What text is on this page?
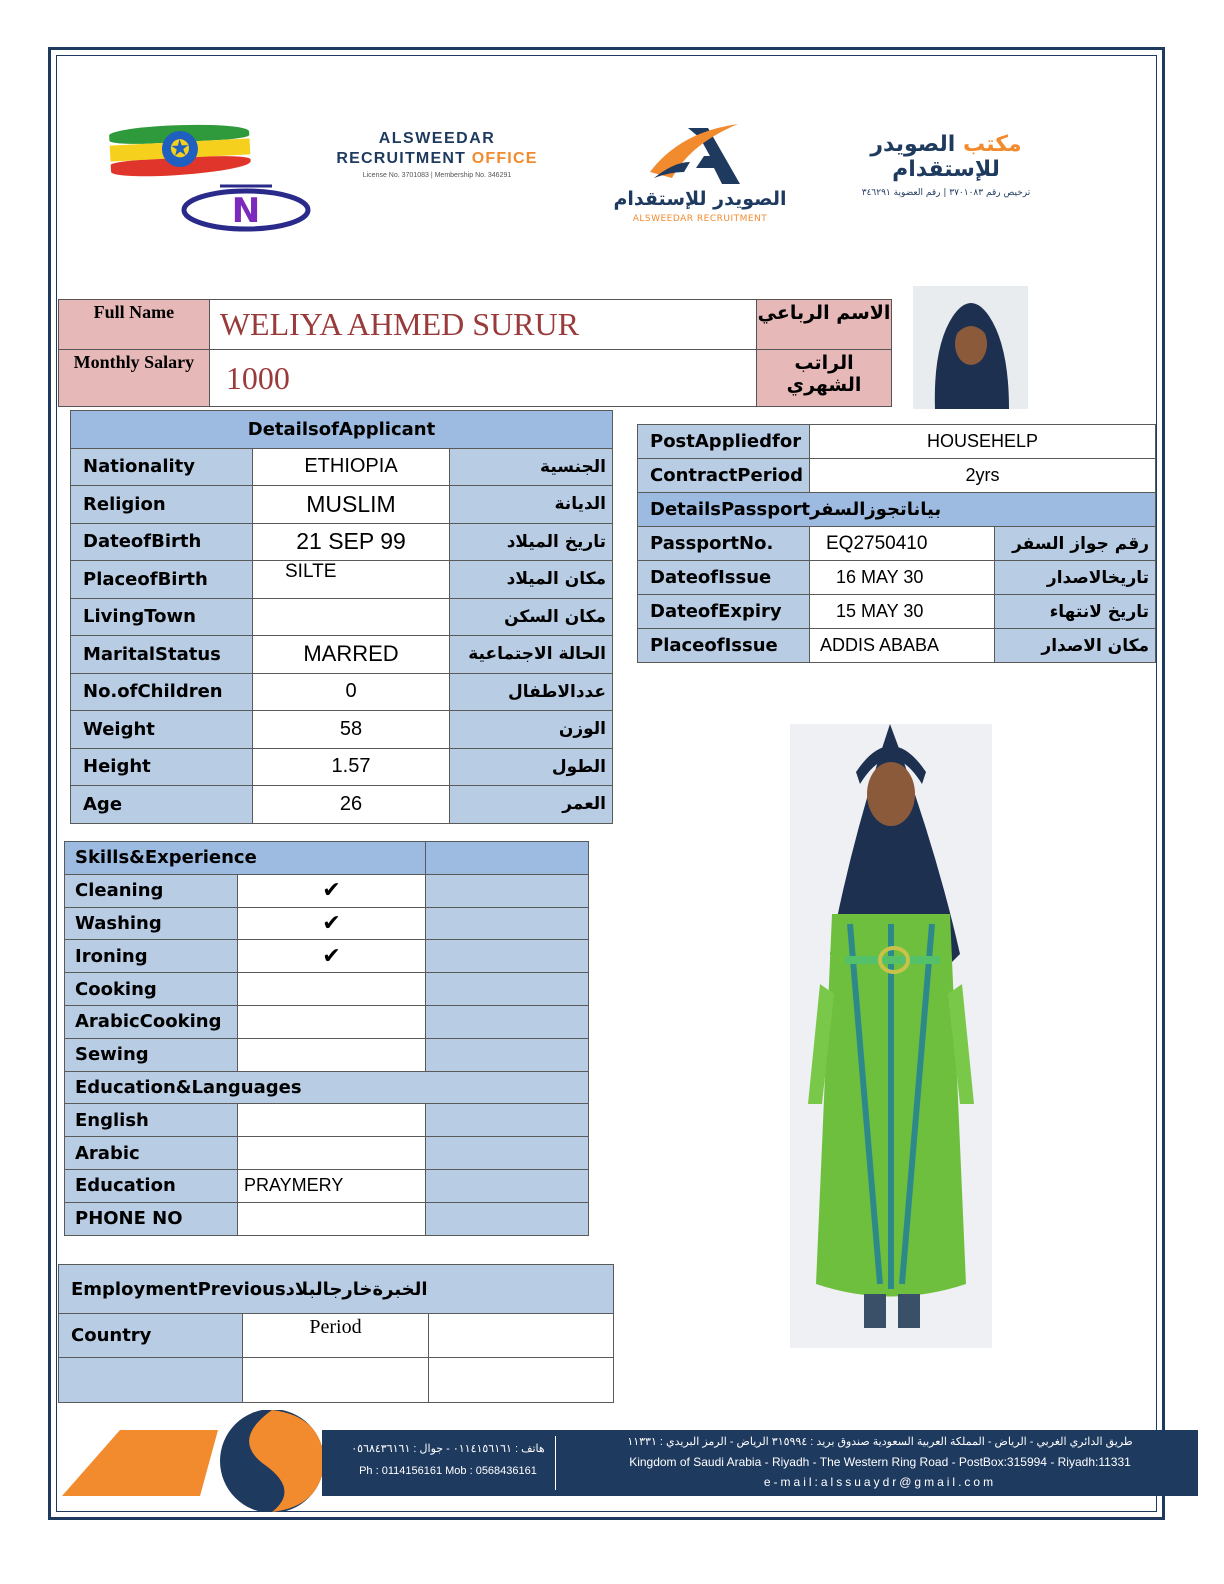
✪
N
ALSWEEDAR
RECRUITMENT OFFICE
License No. 3701083 | Membership No. 346291
الصويدر للإستقدام
ALSWEEDAR RECRUITMENT
مكتب الصويدر للإستقدام
ترخيص رقم ٣٧٠١٠٨٣ | رقم العضوية ٣٤٦٢٩١
Full Name	WELIYA AHMED SURUR	الاسم الرباعي
Monthly Salary	1000	الراتب الشهري
DetailsofApplicant		
Nationality	ETHIOPIA	الجنسية
Religion	MUSLIM	الديانة
DateofBirth	21 SEP 99	تاريخ الميلاد
PlaceofBirth	SILTE	مكان الميلاد
LivingTown		مكان السكن
MaritalStatus	MARRED	الحالة الاجتماعية
No.ofChildren	0	عددالاطفال
Weight	58	الوزن
Height	1.57	الطول
Age	26	العمر
PostAppliedfor	HOUSEHELP	
ContractPeriod	2yrs	
DetailsPassportبياناتجوزالسفر		
PassportNo.	EQ2750410	رقم جواز السفر
DateofIssue	16 MAY 30	تاريخالاصدار
DateofExpiry	15 MAY 30	تاريخ لانتهاء
PlaceofIssue	ADDIS ABABA	مكان الاصدار
Skills&Experience		
Cleaning	✔	
Washing	✔	
Ironing	✔	
Cooking		
ArabicCooking		
Sewing		
Education&Languages		
English		
Arabic		
Education	PRAYMERY	
PHONE NO		
EmploymentPreviousالخبرةخارجالبلاد		
Country	Period	

هاتف : ٠١١٤١٥٦١٦١ - جوال : ٠٥٦٨٤٣٦١٦١
Ph : 0114156161 Mob : 0568436161
طريق الدائري الغربي - الرياض - المملكة العربية السعودية صندوق بريد : ٣١٥٩٩٤ الرياض - الرمز البريدي : ١١٣٣١
Kingdom of Saudi Arabia - Riyadh - The Western Ring Road - PostBox:315994 - Riyadh:11331
e-mail:alssuaydr@gmail.com
